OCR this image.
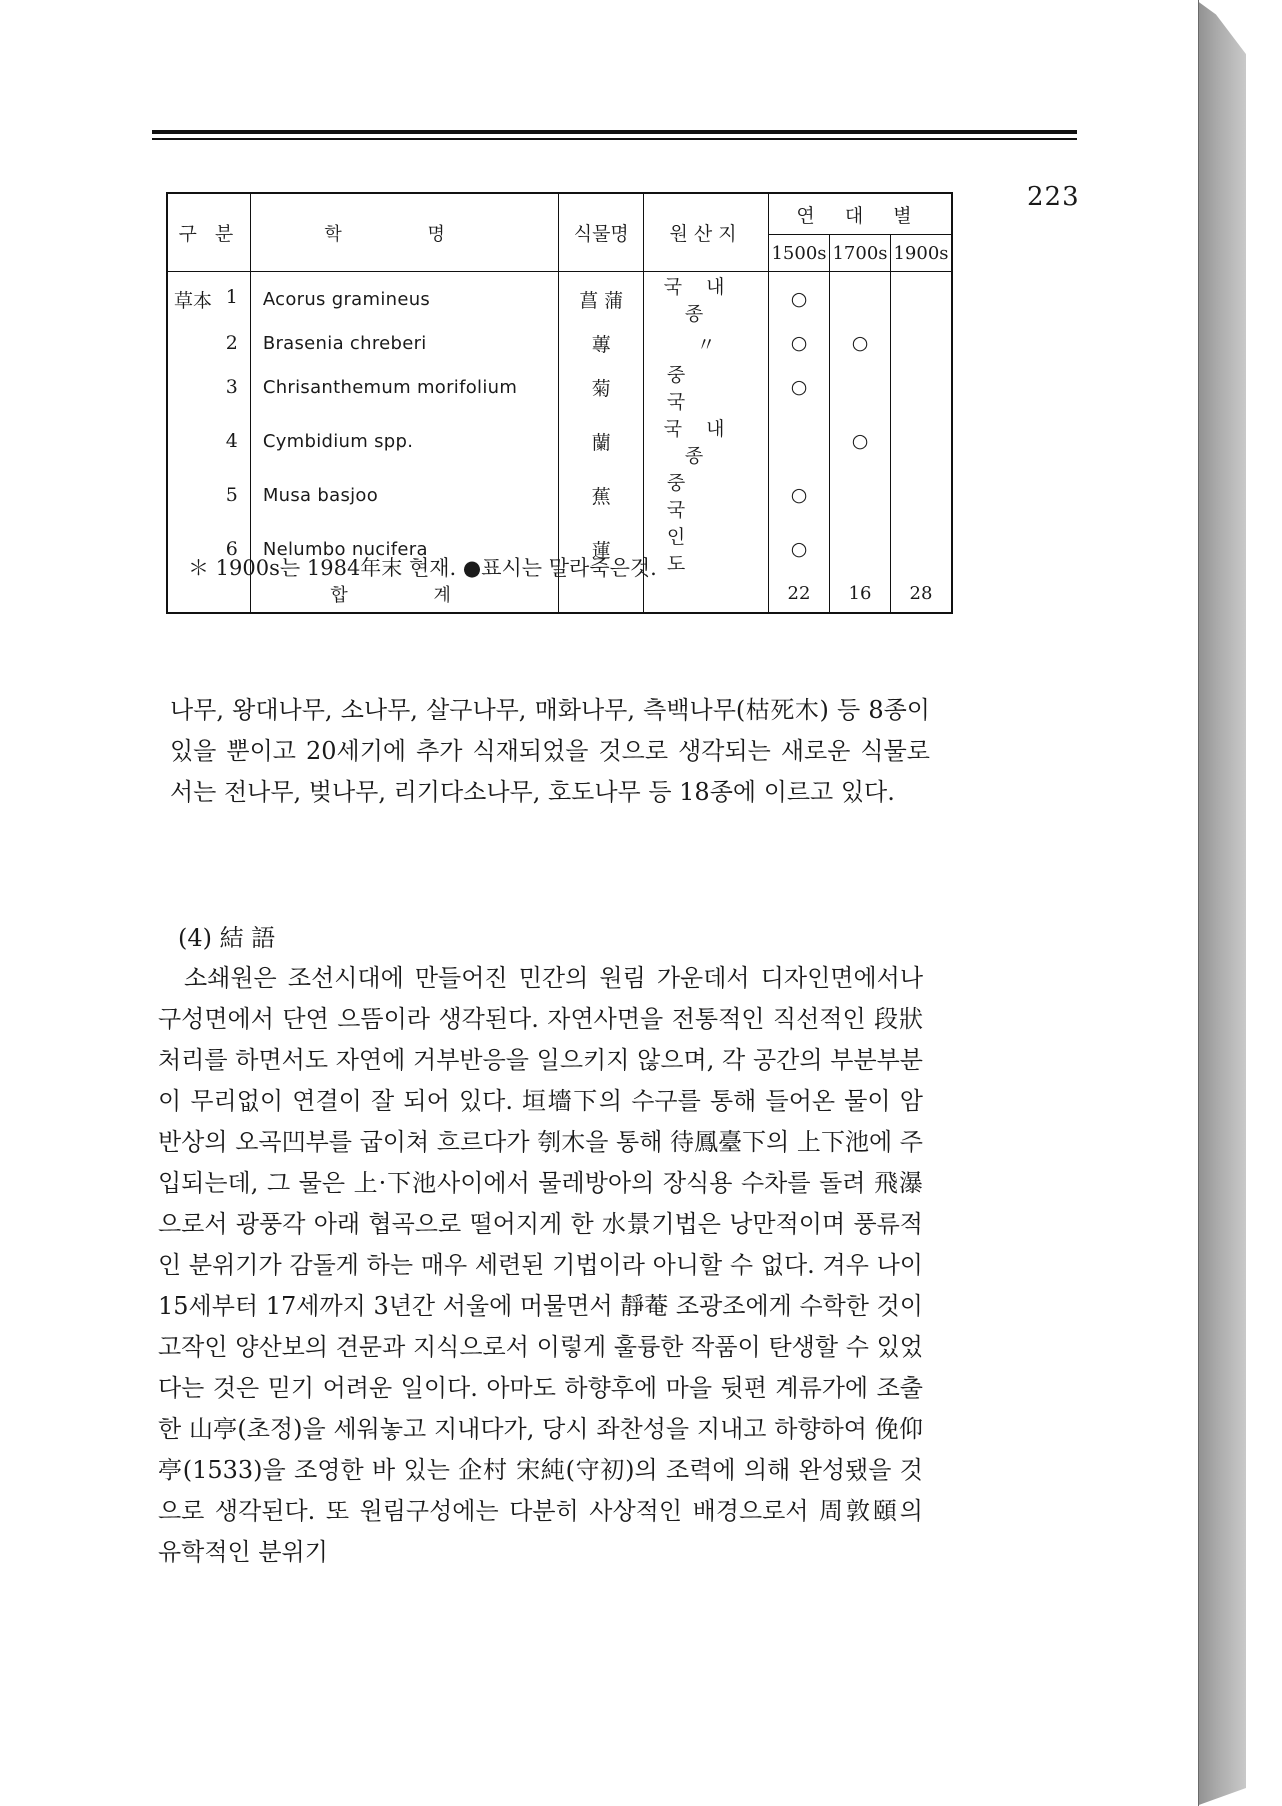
223
구 분	학 명	식물명	원산지	연 대 별		
				1500s	1700s	1900s
草本 1	Acorus gramineus	菖 蒲	국내종	○		

2	Brasenia chreberi	蓴	〃	○	○	

3	Chrisanthemum morifolium	菊	중국	○		

4	Cymbidium spp.	蘭	국내종		○	

5	Musa basjoo	蕉	중국	○		

6	Nelumbo nucifera	蓮	인도	○		
	합 계			22	16	28
＊ 1900s는 1984年末 현재. ●표시는 말라죽은것.

나무, 왕대나무, 소나무, 살구나무, 매화나무, 측백나무(枯死木) 등 8종이 있을 뿐이고 20세기에 추가 식재되었을 것으로 생각되는 새로운 식물로서는 전나무, 벚나무, 리기다소나무, 호도나무 등 18종에 이르고 있다.

(4) 結 語

소쇄원은 조선시대에 만들어진 민간의 원림 가운데서 디자인면에서나 구성면에서 단연 으뜸이라 생각된다. 자연사면을 전통적인 직선적인 段狀처리를 하면서도 자연에 거부반응을 일으키지 않으며, 각 공간의 부분부분이 무리없이 연결이 잘 되어 있다. 垣墻下의 수구를 통해 들어온 물이 암반상의 오곡凹부를 굽이쳐 흐르다가 刳木을 통해 待鳳臺下의 上下池에 주입되는데, 그 물은 上·下池사이에서 물레방아의 장식용 수차를 돌려 飛瀑으로서 광풍각 아래 협곡으로 떨어지게 한 水景기법은 낭만적이며 풍류적인 분위기가 감돌게 하는 매우 세련된 기법이라 아니할 수 없다. 겨우 나이 15세부터 17세까지 3년간 서울에 머물면서 靜菴 조광조에게 수학한 것이 고작인 양산보의 견문과 지식으로서 이렇게 훌륭한 작품이 탄생할 수 있었다는 것은 믿기 어려운 일이다. 아마도 하향후에 마을 뒷편 계류가에 조출한 山亭(초정)을 세워놓고 지내다가, 당시 좌찬성을 지내고 하향하여 俛仰亭(1533)을 조영한 바 있는 企村 宋純(守初)의 조력에 의해 완성됐을 것으로 생각된다. 또 원림구성에는 다분히 사상적인 배경으로서 周敦頤의 유학적인 분위기
